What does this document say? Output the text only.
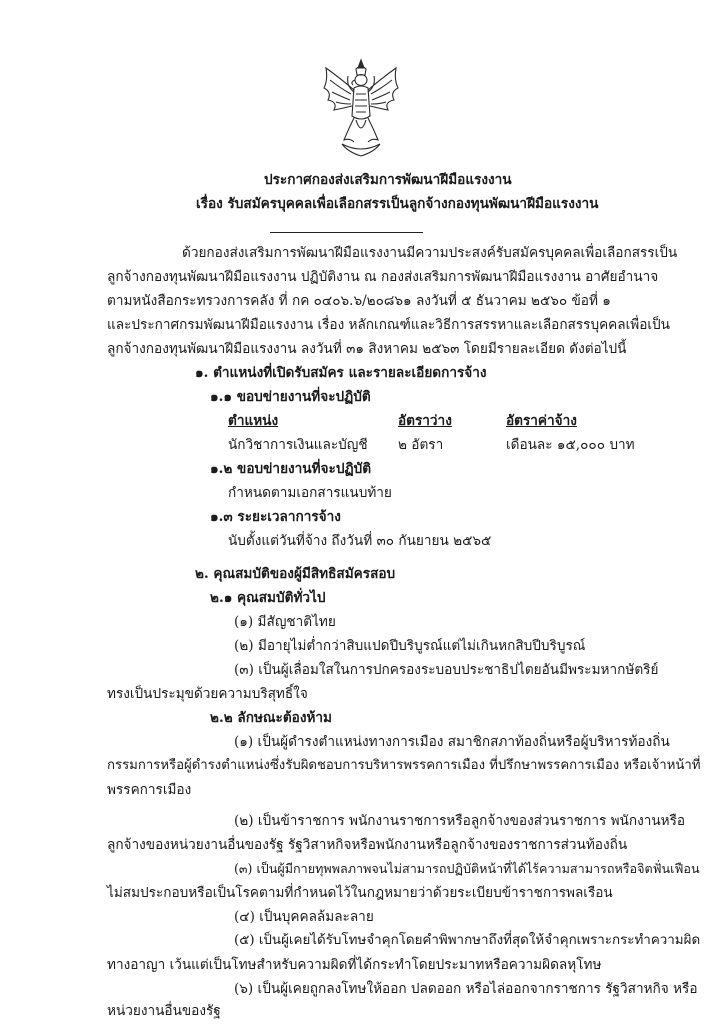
ประกาศกองส่งเสริมการพัฒนาฝีมือแรงงาน
เรื่อง รับสมัครบุคคลเพื่อเลือกสรรเป็นลูกจ้างกองทุนพัฒนาฝีมือแรงงาน
ด้วยกองส่งเสริมการพัฒนาฝีมือแรงงานมีความประสงค์รับสมัครบุคคลเพื่อเลือกสรรเป็น
ลูกจ้างกองทุนพัฒนาฝีมือแรงงาน ปฏิบัติงาน ณ กองส่งเสริมการพัฒนาฝีมือแรงงาน อาศัยอำนาจ
ตามหนังสือกระทรวงการคลัง ที่ กค ๐๔๐๖.๖/๒๐๘๖๑ ลงวันที่ ๕ ธันวาคม ๒๕๖๐ ข้อที่ ๑
และประกาศกรมพัฒนาฝีมือแรงงาน เรื่อง หลักเกณฑ์และวิธีการสรรหาและเลือกสรรบุคคลเพื่อเป็น
ลูกจ้างกองทุนพัฒนาฝีมือแรงงาน ลงวันที่ ๓๑ สิงหาคม ๒๕๖๓ โดยมีรายละเอียด ดังต่อไปนี้
๑. ตำแหน่งที่เปิดรับสมัคร และรายละเอียดการจ้าง
๑.๑ ขอบข่ายงานที่จะปฏิบัติ
ตำแหน่ง	อัตราว่าง	อัตราค่าจ้าง
นักวิชาการเงินและบัญชี ๒ อัตรา	เดือนละ ๑๕,๐๐๐ บาท
๑.๒ ขอบข่ายงานที่จะปฏิบัติ
กำหนดตามเอกสารแนบท้าย
๑.๓ ระยะเวลาการจ้าง
นับตั้งแต่วันที่จ้าง ถึงวันที่ ๓๐ กันยายน ๒๕๖๕
๒. คุณสมบัติของผู้มีสิทธิสมัครสอบ
๒.๑ คุณสมบัติทั่วไป
(๑) มีสัญชาติไทย
(๒) มีอายุไม่ต่ำกว่าสิบแปดปีบริบูรณ์แต่ไม่เกินหกสิบปีบริบูรณ์
(๓) เป็นผู้เลื่อมใสในการปกครองระบอบประชาธิปไตยอันมีพระมหากษัตริย์
ทรงเป็นประมุขด้วยความบริสุทธิ์ใจ
๒.๒ ลักษณะต้องห้าม
(๑) เป็นผู้ดำรงตำแหน่งทางการเมือง สมาชิกสภาท้องถิ่นหรือผู้บริหารท้องถิ่น
กรรมการหรือผู้ดำรงตำแหน่งซึ่งรับผิดชอบการบริหารพรรคการเมือง ที่ปรึกษาพรรคการเมือง หรือเจ้าหน้าที่
พรรคการเมือง
(๒) เป็นข้าราชการ พนักงานราชการหรือลูกจ้างของส่วนราชการ พนักงานหรือ
ลูกจ้างของหน่วยงานอื่นของรัฐ รัฐวิสาหกิจหรือพนักงานหรือลูกจ้างของราชการส่วนท้องถิ่น
(๓) เป็นผู้มีกายทุพพลภาพจนไม่สามารถปฏิบัติหน้าที่ได้ไร้ความสามารถหรือจิตฟั่นเฟือน
ไม่สมประกอบหรือเป็นโรคตามที่กำหนดไว้ในกฎหมายว่าด้วยระเบียบข้าราชการพลเรือน
(๔) เป็นบุคคลล้มละลาย
(๕) เป็นผู้เคยได้รับโทษจำคุกโดยคำพิพากษาถึงที่สุดให้จำคุกเพราะกระทำความผิด
ทางอาญา เว้นแต่เป็นโทษสำหรับความผิดที่ได้กระทำโดยประมาทหรือความผิดลหุโทษ
(๖) เป็นผู้เคยถูกลงโทษให้ออก ปลดออก หรือไล่ออกจากราชการ รัฐวิสาหกิจ หรือ
หน่วยงานอื่นของรัฐ
